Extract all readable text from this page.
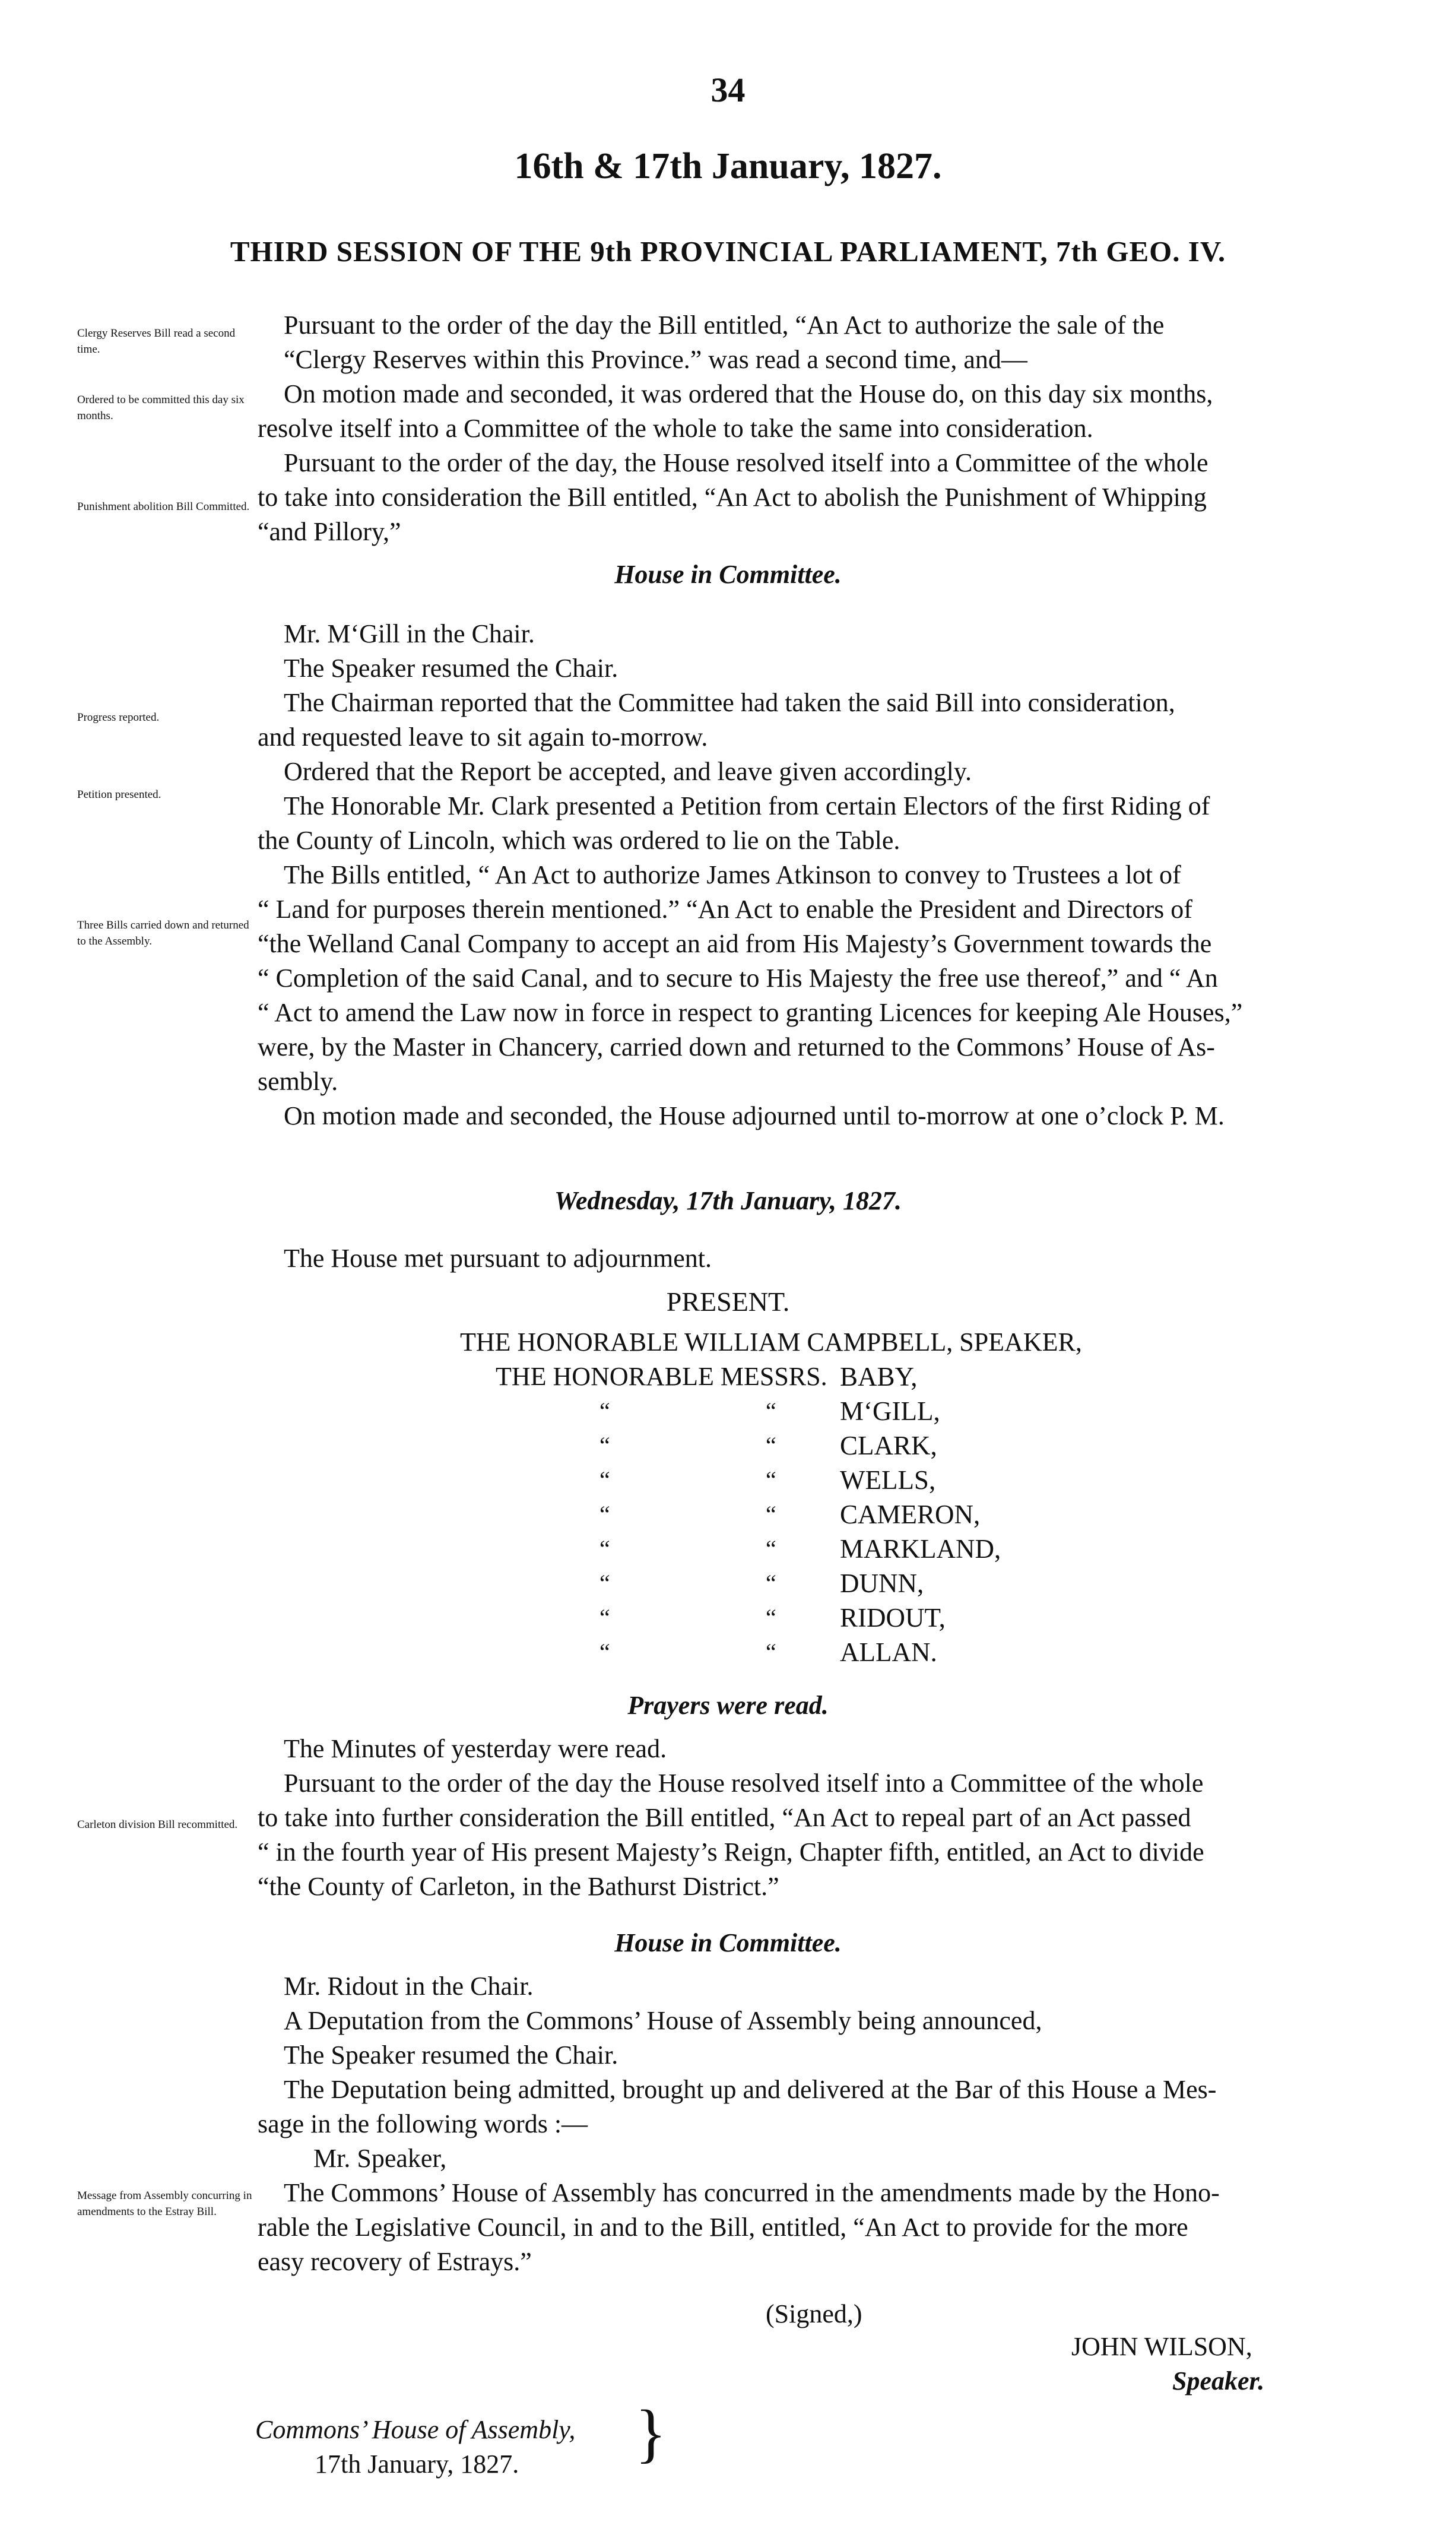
34
16th & 17th January, 1827.
THIRD SESSION OF THE 9th PROVINCIAL PARLIAMENT, 7th GEO. IV.
Clergy Reserves Bill read a second time.
Ordered to be committed this day six months.
Punishment abolition Bill Committed.
Progress reported.
Petition presented.
Three Bills carried down and returned to the Assembly.
Carleton division Bill recommitted.
Message from Assembly concurring in amendments to the Estray Bill.
Pursuant to the order of the day the Bill entitled, “An Act to authorize the sale of the
“Clergy Reserves within this Province.” was read a second time, and—
On motion made and seconded, it was ordered that the House do, on this day six months,
resolve itself into a Committee of the whole to take the same into consideration.
Pursuant to the order of the day, the House resolved itself into a Committee of the whole
to take into consideration the Bill entitled, “An Act to abolish the Punishment of Whipping
“and Pillory,”
House in Committee.
Mr. M‘Gill in the Chair.
The Speaker resumed the Chair.
The Chairman reported that the Committee had taken the said Bill into consideration,
and requested leave to sit again to-morrow.
Ordered that the Report be accepted, and leave given accordingly.
The Honorable Mr. Clark presented a Petition from certain Electors of the first Riding of
the County of Lincoln, which was ordered to lie on the Table.
The Bills entitled, “ An Act to authorize James Atkinson to convey to Trustees a lot of
“ Land for purposes therein mentioned.” “An Act to enable the President and Directors of
“the Welland Canal Company to accept an aid from His Majesty’s Government towards the
“ Completion of the said Canal, and to secure to His Majesty the free use thereof,” and “ An
“ Act to amend the Law now in force in respect to granting Licences for keeping Ale Houses,”
were, by the Master in Chancery, carried down and returned to the Commons’ House of As-
sembly.
On motion made and seconded, the House adjourned until to-morrow at one o’clock P. M.
Wednesday, 17th January, 1827.
The House met pursuant to adjournment.
PRESENT.
THE HONORABLE WILLIAM CAMPBELL, SPEAKER,
THE HONORABLE MESSRS. BABY,
“	“ M‘GILL,
“	“ CLARK,
“	“ WELLS,
“	“ CAMERON,
“	“ MARKLAND,
“	“ DUNN,
“	“ RIDOUT,
“	“ ALLAN.
Prayers were read.
The Minutes of yesterday were read.
Pursuant to the order of the day the House resolved itself into a Committee of the whole
to take into further consideration the Bill entitled, “An Act to repeal part of an Act passed
“ in the fourth year of His present Majesty’s Reign, Chapter fifth, entitled, an Act to divide
“the County of Carleton, in the Bathurst District.”
House in Committee.
Mr. Ridout in the Chair.
A Deputation from the Commons’ House of Assembly being announced,
The Speaker resumed the Chair.
The Deputation being admitted, brought up and delivered at the Bar of this House a Mes-
sage in the following words :—
Mr. Speaker,
The Commons’ House of Assembly has concurred in the amendments made by the Hono-
rable the Legislative Council, in and to the Bill, entitled, “An Act to provide for the more
easy recovery of Estrays.”
(Signed,)
JOHN WILSON,
Speaker.
Commons’ House of Assembly,
17th January, 1827. }
